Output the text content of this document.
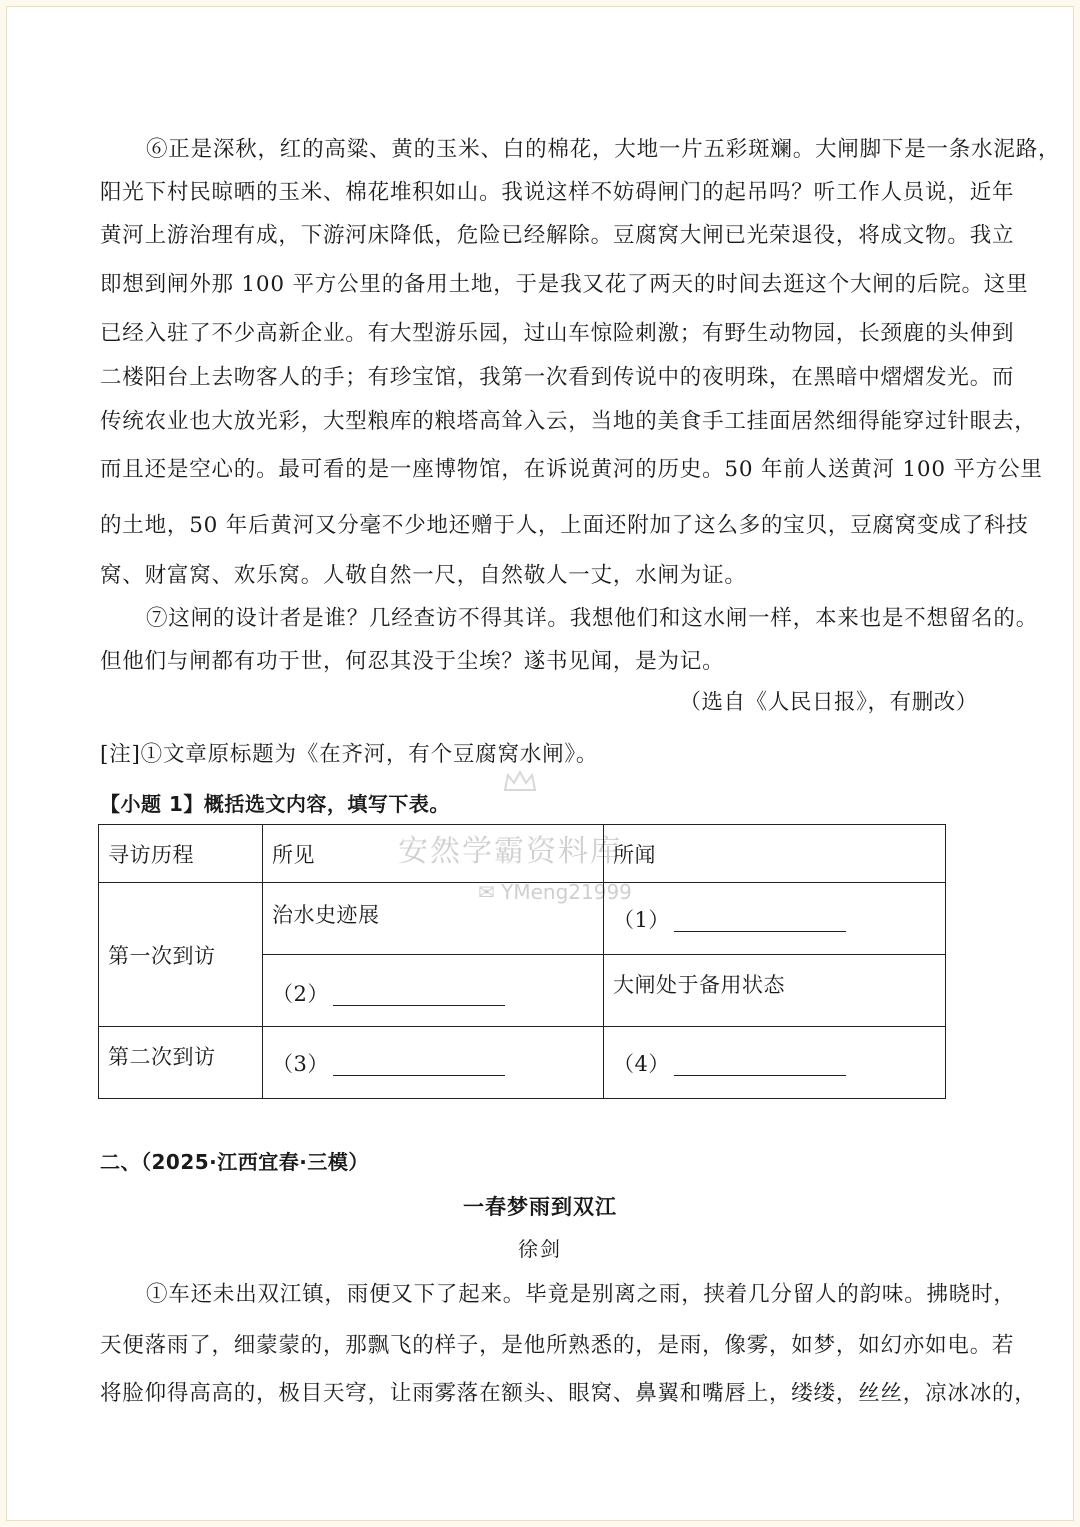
⑥正是深秋，红的高粱、黄的玉米、白的棉花，大地一片五彩斑斓。大闸脚下是一条水泥路，
阳光下村民晾晒的玉米、棉花堆积如山。我说这样不妨碍闸门的起吊吗？听工作人员说，近年
黄河上游治理有成，下游河床降低，危险已经解除。豆腐窝大闸已光荣退役，将成文物。我立
即想到闸外那 100 平方公里的备用土地，于是我又花了两天的时间去逛这个大闸的后院。这里
已经入驻了不少高新企业。有大型游乐园，过山车惊险刺激；有野生动物园，长颈鹿的头伸到
二楼阳台上去吻客人的手；有珍宝馆，我第一次看到传说中的夜明珠，在黑暗中熠熠发光。而
传统农业也大放光彩，大型粮库的粮塔高耸入云，当地的美食手工挂面居然细得能穿过针眼去，
而且还是空心的。最可看的是一座博物馆，在诉说黄河的历史。50 年前人送黄河 100 平方公里
的土地，50 年后黄河又分毫不少地还赠于人，上面还附加了这么多的宝贝，豆腐窝变成了科技
窝、财富窝、欢乐窝。人敬自然一尺，自然敬人一丈，水闸为证。
⑦这闸的设计者是谁？几经查访不得其详。我想他们和这水闸一样，本来也是不想留名的。
但他们与闸都有功于世，何忍其没于尘埃？遂书见闻，是为记。
（选自《人民日报》，有删改）
[注]①文章原标题为《在齐河，有个豆腐窝水闸》。
安然学霸资料库
✉ YMeng21999
【小题 1】概括选文内容，填写下表。
寻访历程	所见	所闻
第一次到访	治水史迹展	（1）
	（2）	大闸处于备用状态
第二次到访	（3）	（4）
二、（2025·江西宜春·三模）
一春梦雨到双江
徐剑
①车还未出双江镇，雨便又下了起来。毕竟是别离之雨，挟着几分留人的韵味。拂晓时，
天便落雨了，细蒙蒙的，那飘飞的样子，是他所熟悉的，是雨，像雾，如梦，如幻亦如电。若
将脸仰得高高的，极目天穹，让雨雾落在额头、眼窝、鼻翼和嘴唇上，缕缕，丝丝，凉冰冰的，
